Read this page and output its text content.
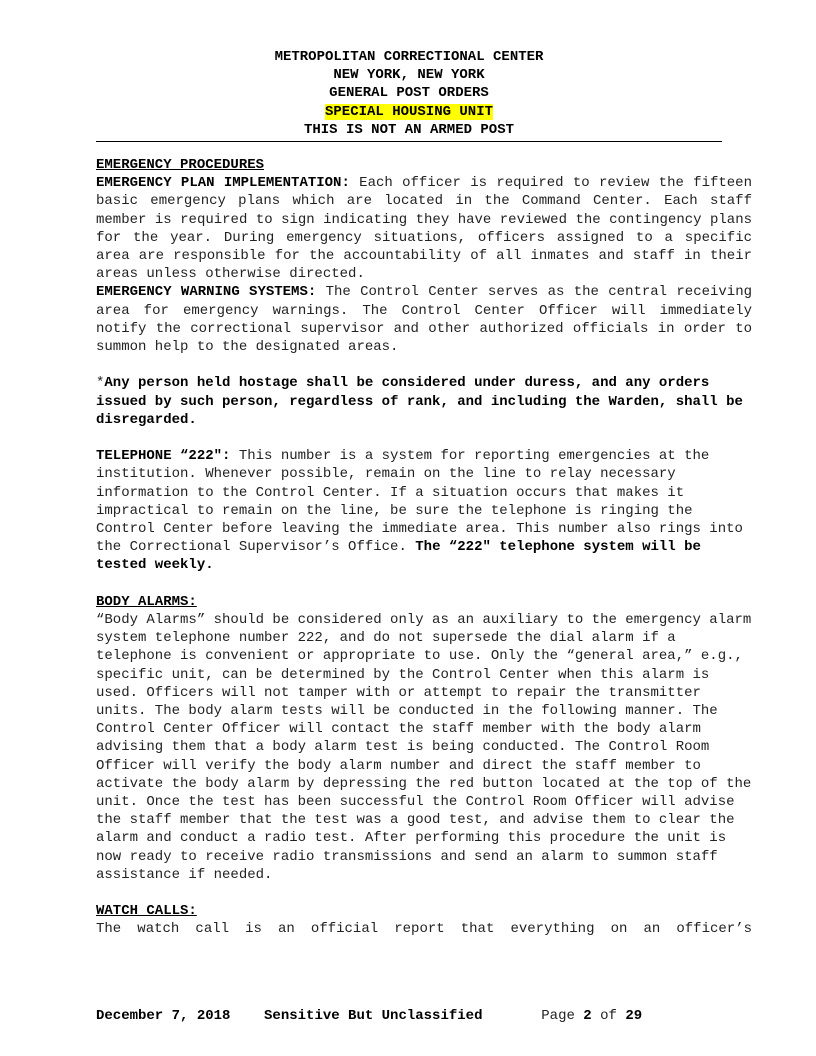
METROPOLITAN CORRECTIONAL CENTER
NEW YORK, NEW YORK
GENERAL POST ORDERS
SPECIAL HOUSING UNIT
THIS IS NOT AN ARMED POST
EMERGENCY PROCEDURES

EMERGENCY PLAN IMPLEMENTATION: Each officer is required to review the fifteen basic emergency plans which are located in the Command Center. Each staff member is required to sign indicating they have reviewed the contingency plans for the year. During emergency situations, officers assigned to a specific area are responsible for the accountability of all inmates and staff in their areas unless otherwise directed.

EMERGENCY WARNING SYSTEMS: The Control Center serves as the central receiving area for emergency warnings. The Control Center Officer will immediately notify the correctional supervisor and other authorized officials in order to summon help to the designated areas.

*Any person held hostage shall be considered under duress, and any orders issued by such person, regardless of rank, and including the Warden, shall be disregarded.

TELEPHONE “222": This number is a system for reporting emergencies at the institution. Whenever possible, remain on the line to relay necessary information to the Control Center. If a situation occurs that makes it impractical to remain on the line, be sure the telephone is ringing the Control Center before leaving the immediate area. This number also rings into the Correctional Supervisor’s Office. The “222" telephone system will be tested weekly.

BODY ALARMS:

“Body Alarms” should be considered only as an auxiliary to the emergency alarm system telephone number 222, and do not supersede the dial alarm if a telephone is convenient or appropriate to use. Only the “general area,” e.g., specific unit, can be determined by the Control Center when this alarm is used. Officers will not tamper with or attempt to repair the transmitter units. The body alarm tests will be conducted in the following manner. The Control Center Officer will contact the staff member with the body alarm advising them that a body alarm test is being conducted. The Control Room Officer will verify the body alarm number and direct the staff member to activate the body alarm by depressing the red button located at the top of the unit. Once the test has been successful the Control Room Officer will advise the staff member that the test was a good test, and advise them to clear the alarm and conduct a radio test. After performing this procedure the unit is now ready to receive radio transmissions and send an alarm to summon staff assistance if needed.

WATCH CALLS:

The watch call is an official report that everything on an officer’s

December 7, 2018 Sensitive But Unclassified	Page 2 of 29
